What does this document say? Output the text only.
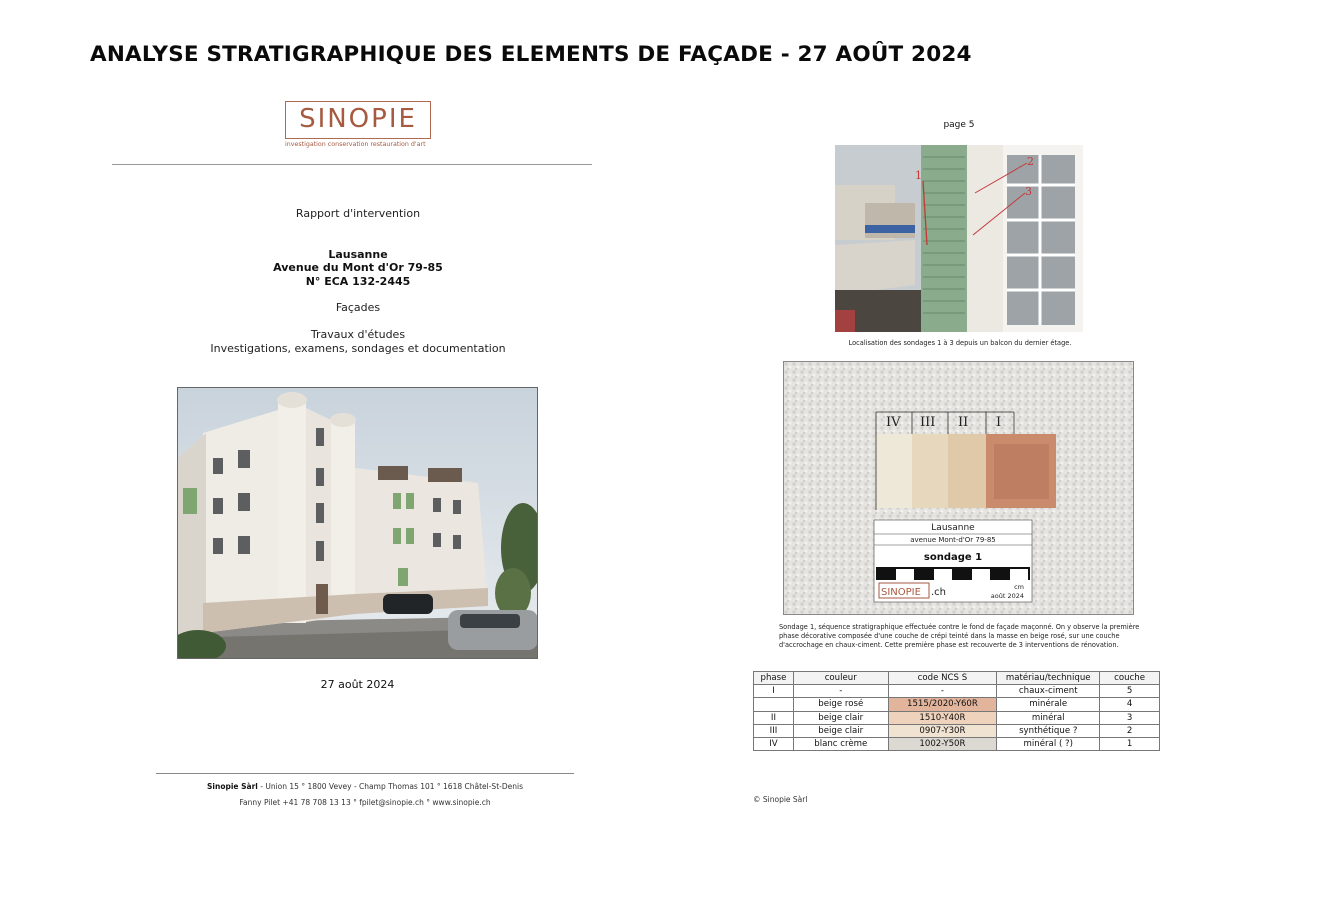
ANALYSE STRATIGRAPHIQUE DES ELEMENTS DE FAÇADE - 27 AOÛT 2024
SINOPIE
investigation conservation restauration d'art
Rapport d'intervention
Lausanne
Avenue du Mont d'Or 79-85
N° ECA 132-2445
Façades
Travaux d'études
Investigations, examens, sondages et documentation
27 août 2024
Sinopie Sàrl - Union 15 ° 1800 Vevey - Champ Thomas 101 ° 1618 Châtel-St-Denis
Fanny Pilet +41 78 708 13 13 ° fpilet@sinopie.ch ° www.sinopie.ch
page 5
1
2
3
Localisation des sondages 1 à 3 depuis un balcon du dernier étage.
IV III II I
Lausanne
avenue Mont-d'Or 79-85
sondage 1
SINOPIE .ch	cm
août 2024
Sondage 1, séquence stratigraphique effectuée contre le fond de façade maçonné. On y observe la première phase décorative composée d'une couche de crépi teinté dans la masse en beige rosé, sur une couche d'accrochage en chaux-ciment. Cette première phase est recouverte de 3 interventions de rénovation.
phase	couleur	code NCS S	matériau/technique	couche
I	-	-	chaux-ciment	5
	beige rosé	1515/2020-Y60R	minérale	4
II	beige clair	1510-Y40R	minéral	3
III	beige clair	0907-Y30R	synthétique ?	2
IV	blanc crème	1002-Y50R	minéral ( ?)	1
© Sinopie Sàrl
